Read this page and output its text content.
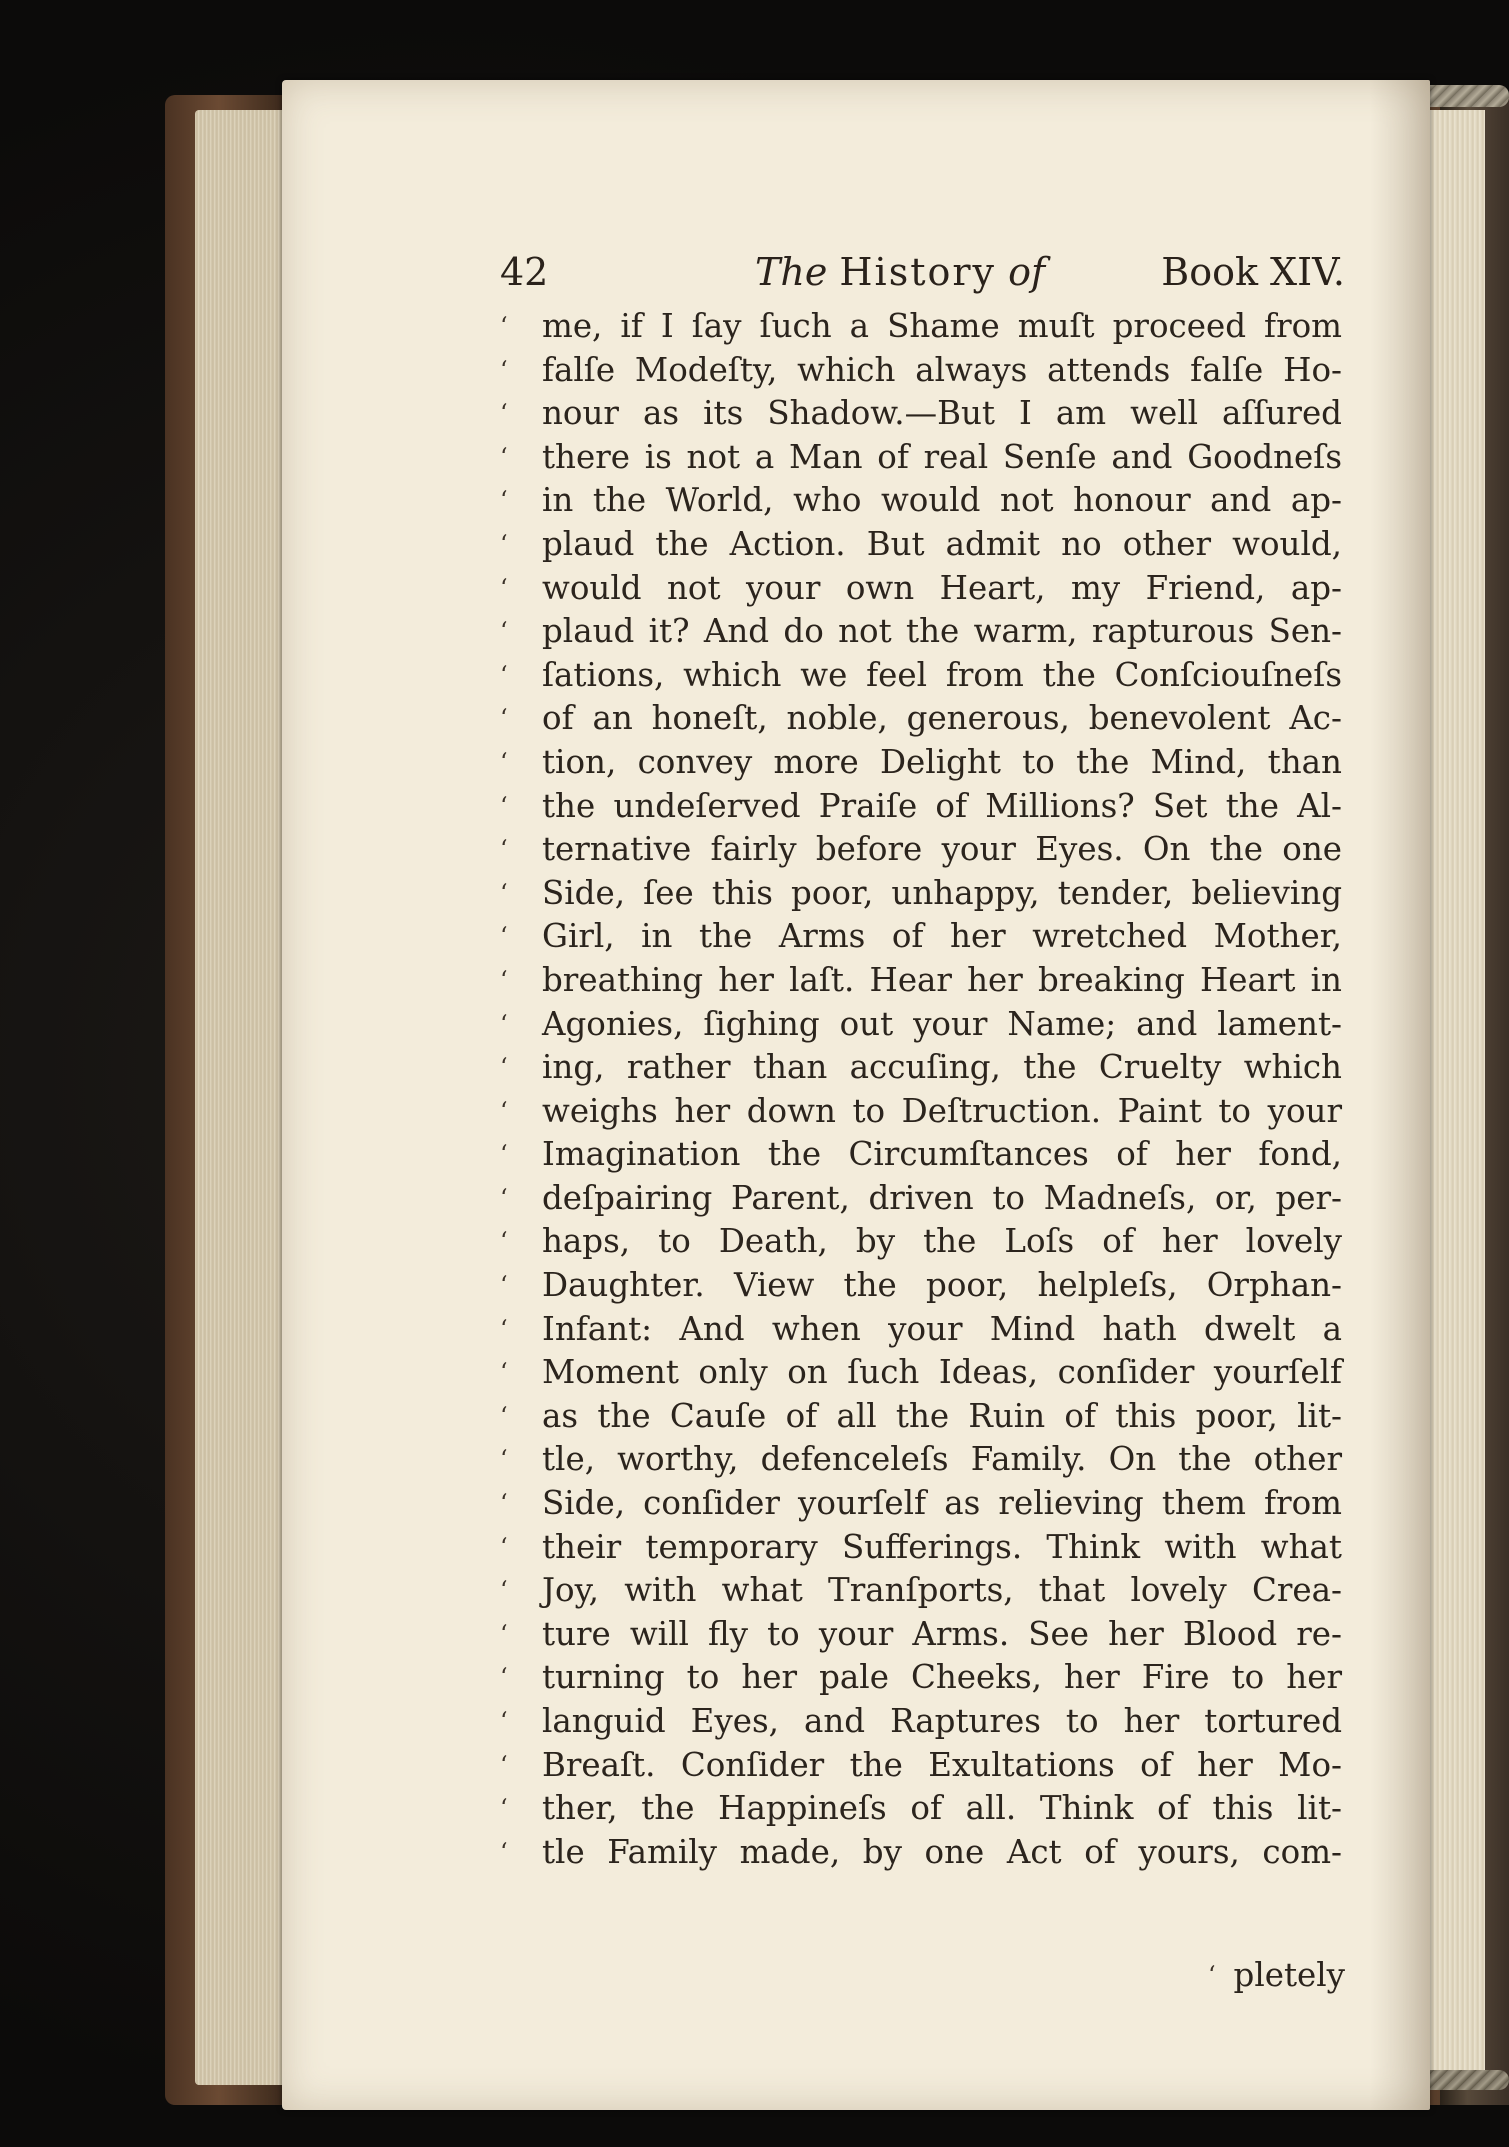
42	The History of	Book XIV.
‘	me, if I ſay ſuch a Shame muſt proceed from
‘	falſe Modeſty, which always attends falſe Ho-
‘	nour as its Shadow.—But I am well aſſured
‘	there is not a Man of real Senſe and Goodneſs
‘	in the World, who would not honour and ap-
‘	plaud the Action. But admit no other would,
‘	would not your own Heart, my Friend, ap-
‘	plaud it? And do not the warm, rapturous Sen-
‘	ſations, which we feel from the Conſciouſneſs
‘	of an honeſt, noble, generous, benevolent Ac-
‘	tion, convey more Delight to the Mind, than
‘	the undeſerved Praiſe of Millions? Set the Al-
‘	ternative fairly before your Eyes. On the one
‘	Side, ſee this poor, unhappy, tender, believing
‘	Girl, in the Arms of her wretched Mother,
‘	breathing her laſt. Hear her breaking Heart in
‘	Agonies, ſighing out your Name; and lament-
‘	ing, rather than accuſing, the Cruelty which
‘	weighs her down to Deſtruction. Paint to your
‘	Imagination the Circumſtances of her fond,
‘	deſpairing Parent, driven to Madneſs, or, per-
‘	haps, to Death, by the Loſs of her lovely
‘	Daughter. View the poor, helpleſs, Orphan-
‘	Infant: And when your Mind hath dwelt a
‘	Moment only on ſuch Ideas, conſider yourſelf
‘	as the Cauſe of all the Ruin of this poor, lit-
‘	tle, worthy, defenceleſs Family. On the other
‘	Side, conſider yourſelf as relieving them from
‘	their temporary Sufferings. Think with what
‘	Joy, with what Tranſports, that lovely Crea-
‘	ture will fly to your Arms. See her Blood re-
‘	turning to her pale Cheeks, her Fire to her
‘	languid Eyes, and Raptures to her tortured
‘	Breaſt. Conſider the Exultations of her Mo-
‘	ther, the Happineſs of all. Think of this lit-
‘	tle Family made, by one Act of yours, com-
‘ pletely
